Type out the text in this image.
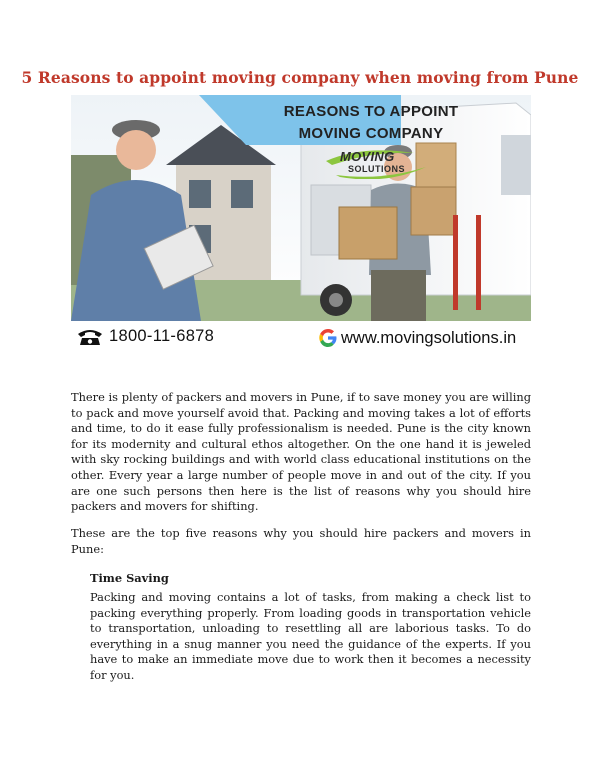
5 Reasons to appoint moving company when moving from Pune
REASONS TO APPOINT
MOVING COMPANY
MOVING
SOLUTIONS
1800-11-6878	www.movingsolutions.in

There is plenty of packers and movers in Pune, if to save money you are willing to pack and move yourself avoid that. Packing and moving takes a lot of efforts and time, to do it ease fully professionalism is needed. Pune is the city known for its modernity and cultural ethos altogether. On the one hand it is jeweled with sky rocking buildings and with world class educational institutions on the other. Every year a large number of people move in and out of the city. If you are one such persons then here is the list of reasons why you should hire packers and movers for shifting.

These are the top five reasons why you should hire packers and movers in Pune:

Time Saving

Packing and moving contains a lot of tasks, from making a check list to packing everything properly. From loading goods in transportation vehicle to transportation, unloading to resettling all are laborious tasks. To do everything in a snug manner you need the guidance of the experts. If you have to make an immediate move due to work then it becomes a necessity for you.
